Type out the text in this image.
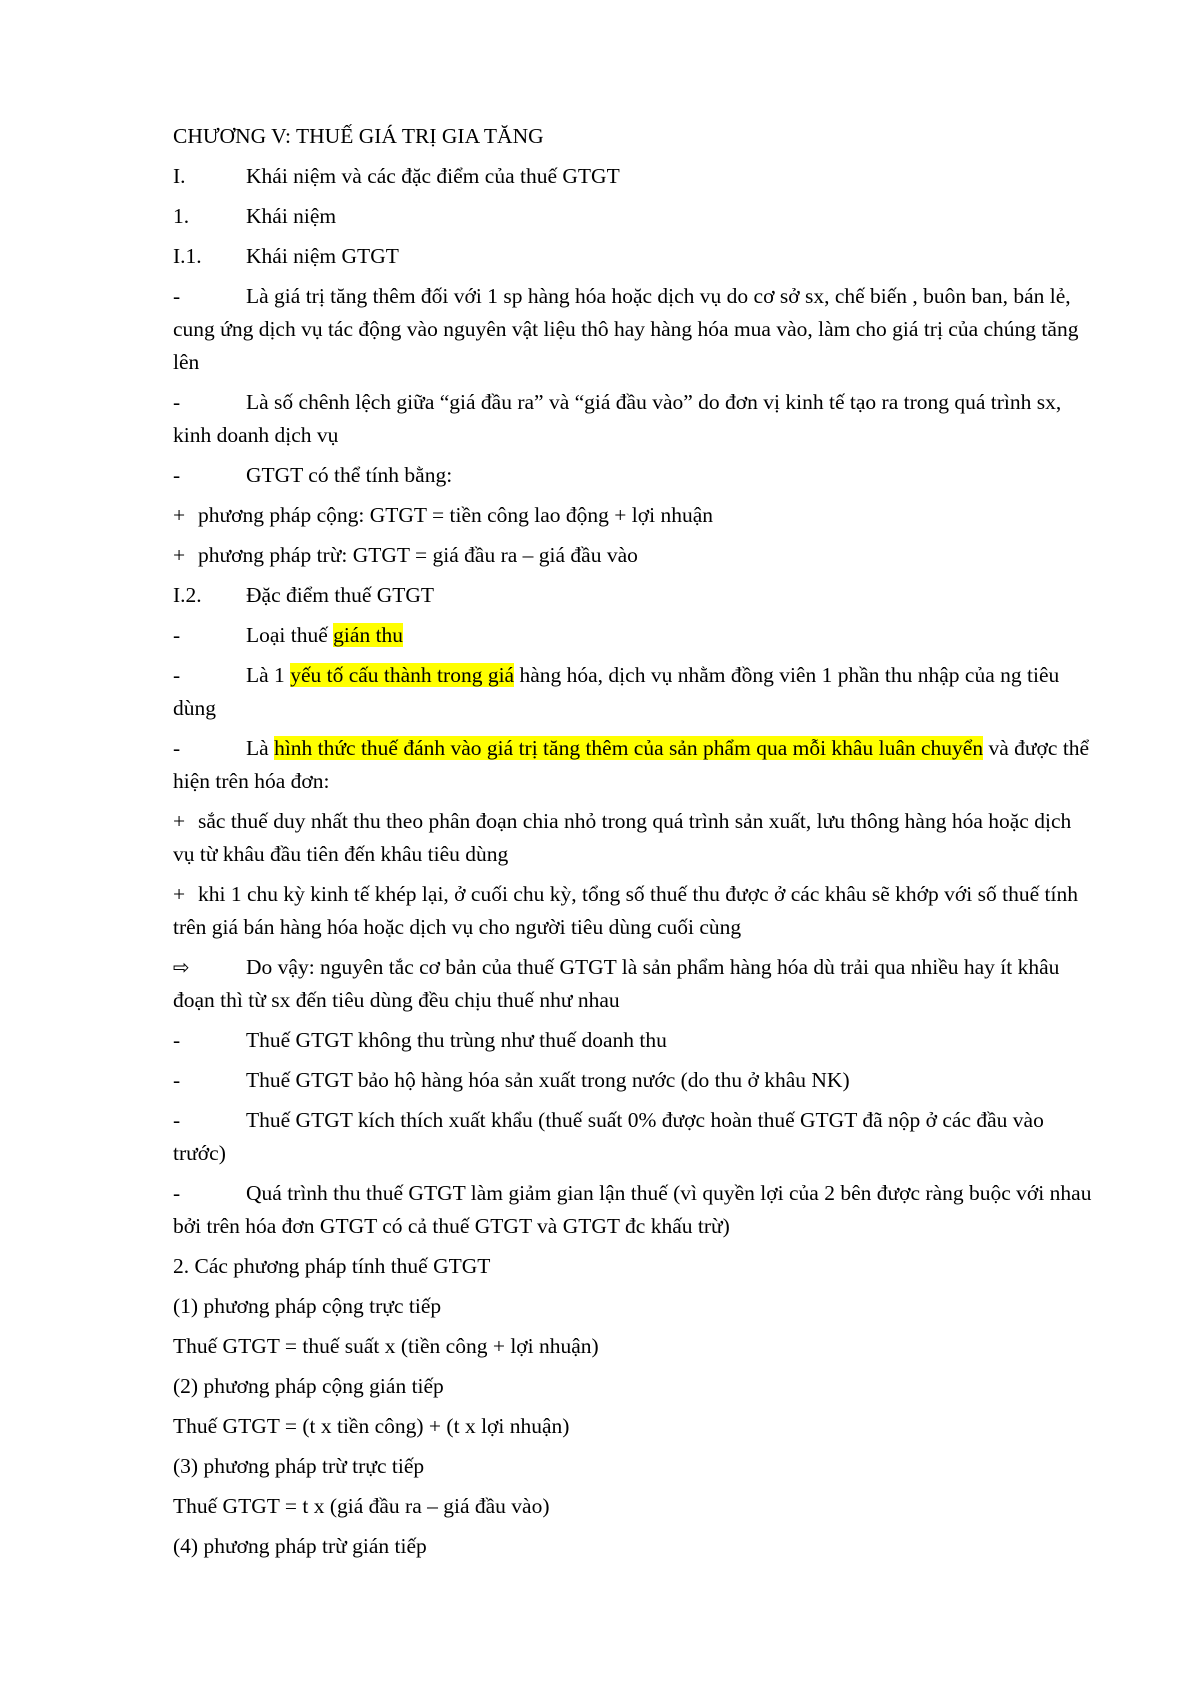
CHƯƠNG V: THUẾ GIÁ TRỊ GIA TĂNG

I.	Khái niệm và các đặc điểm của thuế GTGT

1.	Khái niệm

I.1.	Khái niệm GTGT

-	Là giá trị tăng thêm đối với 1 sp hàng hóa hoặc dịch vụ do cơ sở sx, chế biến , buôn ban, bán lẻ, cung ứng dịch vụ tác động vào nguyên vật liệu thô hay hàng hóa mua vào, làm cho giá trị của chúng tăng lên

-	Là số chênh lệch giữa “giá đầu ra” và “giá đầu vào” do đơn vị kinh tế tạo ra trong quá trình sx, kinh doanh dịch vụ

-	GTGT có thể tính bằng:

+ phương pháp cộng: GTGT = tiền công lao động + lợi nhuận

+ phương pháp trừ: GTGT = giá đầu ra – giá đầu vào

I.2.	Đặc điểm thuế GTGT

-	Loại thuế gián thu

-	Là 1 yếu tố cấu thành trong giá hàng hóa, dịch vụ nhằm đồng viên 1 phần thu nhập của ng tiêu dùng

-	Là hình thức thuế đánh vào giá trị tăng thêm của sản phẩm qua mỗi khâu luân chuyển và được thể hiện trên hóa đơn:

+ sắc thuế duy nhất thu theo phân đoạn chia nhỏ trong quá trình sản xuất, lưu thông hàng hóa hoặc dịch vụ từ khâu đầu tiên đến khâu tiêu dùng

+ khi 1 chu kỳ kinh tế khép lại, ở cuối chu kỳ, tổng số thuế thu được ở các khâu sẽ khớp với số thuế tính trên giá bán hàng hóa hoặc dịch vụ cho người tiêu dùng cuối cùng

⇨	Do vậy: nguyên tắc cơ bản của thuế GTGT là sản phẩm hàng hóa dù trải qua nhiều hay ít khâu đoạn thì từ sx đến tiêu dùng đều chịu thuế như nhau

-	Thuế GTGT không thu trùng như thuế doanh thu

-	Thuế GTGT bảo hộ hàng hóa sản xuất trong nước (do thu ở khâu NK)

-	Thuế GTGT kích thích xuất khẩu (thuế suất 0% được hoàn thuế GTGT đã nộp ở các đầu vào trước)

-	Quá trình thu thuế GTGT làm giảm gian lận thuế (vì quyền lợi của 2 bên được ràng buộc với nhau bởi trên hóa đơn GTGT có cả thuế GTGT và GTGT đc khấu trừ)

2. Các phương pháp tính thuế GTGT

(1) phương pháp cộng trực tiếp

Thuế GTGT = thuế suất x (tiền công + lợi nhuận)

(2) phương pháp cộng gián tiếp

Thuế GTGT = (t x tiền công) + (t x lợi nhuận)

(3) phương pháp trừ trực tiếp

Thuế GTGT = t x (giá đầu ra – giá đầu vào)

(4) phương pháp trừ gián tiếp
